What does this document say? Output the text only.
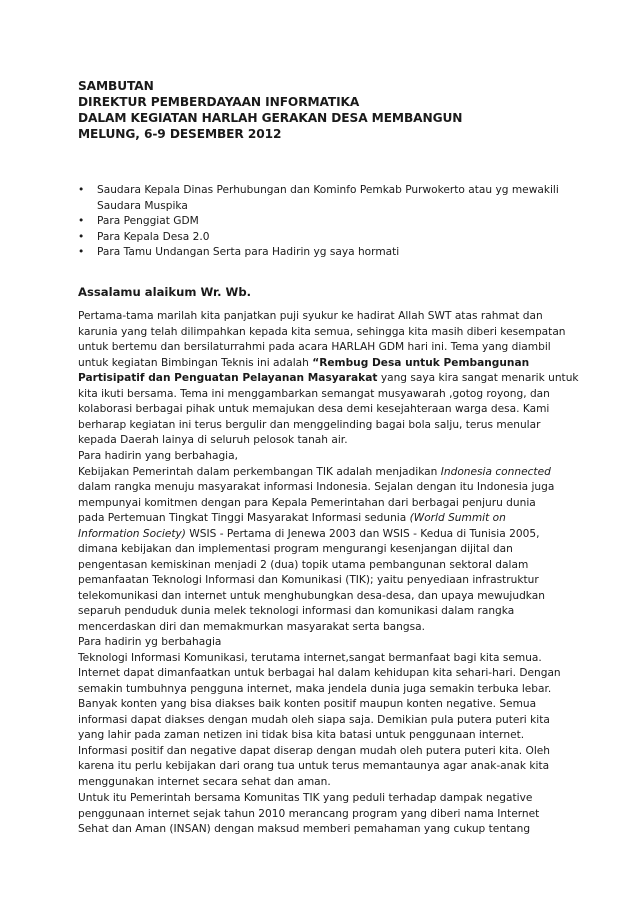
SAMBUTAN
DIREKTUR PEMBERDAYAAN INFORMATIKA
DALAM KEGIATAN HARLAH GERAKAN DESA MEMBANGUN
MELUNG, 6-9 DESEMBER 2012
• Saudara Kepala Dinas Perhubungan dan Kominfo Pemkab Purwokerto atau yg mewakili
Saudara Muspika
• Para Penggiat GDM
• Para Kepala Desa 2.0
• Para Tamu Undangan Serta para Hadirin yg saya hormati
Assalamu alaikum Wr. Wb.
Pertama-tama marilah kita panjatkan puji syukur ke hadirat Allah SWT atas rahmat dan
karunia yang telah dilimpahkan kepada kita semua, sehingga kita masih diberi kesempatan
untuk bertemu dan bersilaturrahmi pada acara HARLAH GDM hari ini. Tema yang diambil
untuk kegiatan Bimbingan Teknis ini adalah “Rembug Desa untuk Pembangunan
Partisipatif dan Penguatan Pelayanan Masyarakat yang saya kira sangat menarik untuk
kita ikuti bersama. Tema ini menggambarkan semangat musyawarah ,gotog royong, dan
kolaborasi berbagai pihak untuk memajukan desa demi kesejahteraan warga desa. Kami
berharap kegiatan ini terus bergulir dan menggelinding bagai bola salju, terus menular
kepada Daerah lainya di seluruh pelosok tanah air.
Para hadirin yang berbahagia,
Kebijakan Pemerintah dalam perkembangan TIK adalah menjadikan Indonesia connected
dalam rangka menuju masyarakat informasi Indonesia. Sejalan dengan itu Indonesia juga
mempunyai komitmen dengan para Kepala Pemerintahan dari berbagai penjuru dunia
pada Pertemuan Tingkat Tinggi Masyarakat Informasi sedunia (World Summit on
Information Society) WSIS - Pertama di Jenewa 2003 dan WSIS - Kedua di Tunisia 2005,
dimana kebijakan dan implementasi program mengurangi kesenjangan dijital dan
pengentasan kemiskinan menjadi 2 (dua) topik utama pembangunan sektoral dalam
pemanfaatan Teknologi Informasi dan Komunikasi (TIK); yaitu penyediaan infrastruktur
telekomunikasi dan internet untuk menghubungkan desa-desa, dan upaya mewujudkan
separuh penduduk dunia melek teknologi informasi dan komunikasi dalam rangka
mencerdaskan diri dan memakmurkan masyarakat serta bangsa.
Para hadirin yg berbahagia
Teknologi Informasi Komunikasi, terutama internet,sangat bermanfaat bagi kita semua.
Internet dapat dimanfaatkan untuk berbagai hal dalam kehidupan kita sehari-hari. Dengan
semakin tumbuhnya pengguna internet, maka jendela dunia juga semakin terbuka lebar.
Banyak konten yang bisa diakses baik konten positif maupun konten negative. Semua
informasi dapat diakses dengan mudah oleh siapa saja. Demikian pula putera puteri kita
yang lahir pada zaman netizen ini tidak bisa kita batasi untuk penggunaan internet.
Informasi positif dan negative dapat diserap dengan mudah oleh putera puteri kita. Oleh
karena itu perlu kebijakan dari orang tua untuk terus memantaunya agar anak-anak kita
menggunakan internet secara sehat dan aman.
Untuk itu Pemerintah bersama Komunitas TIK yang peduli terhadap dampak negative
penggunaan internet sejak tahun 2010 merancang program yang diberi nama Internet
Sehat dan Aman (INSAN) dengan maksud memberi pemahaman yang cukup tentang
